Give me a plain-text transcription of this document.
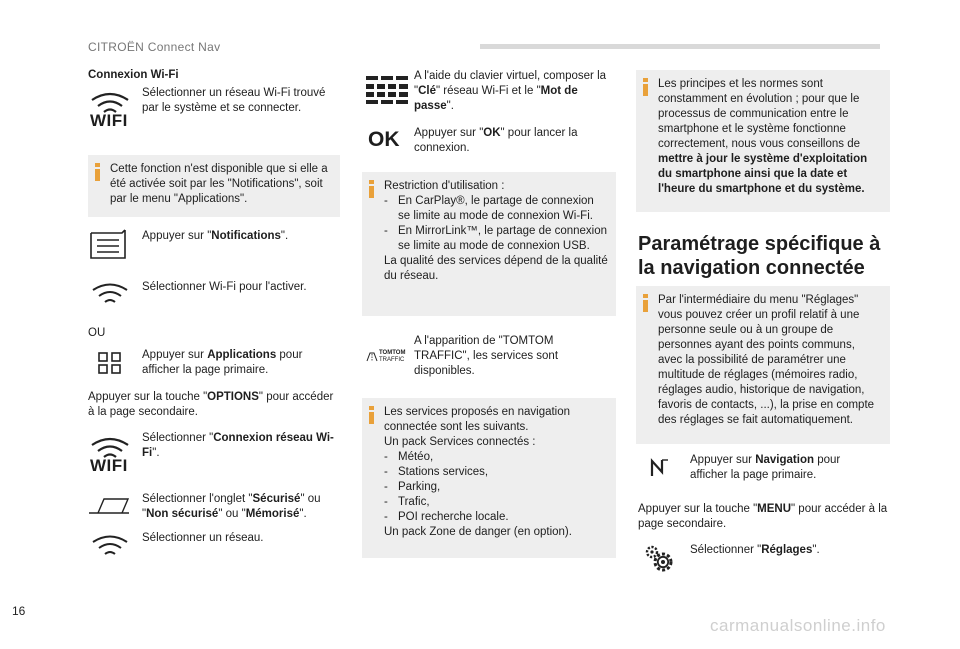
CITROËN Connect Nav
Connexion Wi-Fi
WIFI
Sélectionner un réseau Wi-Fi trouvé par le système et se connecter.
Cette fonction n'est disponible que si elle a été activée soit par les "Notifications", soit par le menu "Applications".
Appuyer sur "Notifications".
Sélectionner Wi-Fi pour l'activer.
OU
Appuyer sur Applications pour afficher la page primaire.
Appuyer sur la touche "OPTIONS" pour accéder à la page secondaire.
WIFI
Sélectionner "Connexion réseau Wi-Fi".
Sélectionner l'onglet "Sécurisé" ou "Non sécurisé" ou "Mémorisé".
Sélectionner un réseau.
A l'aide du clavier virtuel, composer la "Clé" réseau Wi-Fi et le "Mot de passe".
OK Appuyer sur "OK" pour lancer la connexion.
Restriction d'utilisation :
- En CarPlay®, le partage de connexion se limite au mode de connexion Wi-Fi.
- En MirrorLink™, le partage de connexion se limite au mode de connexion USB.
La qualité des services dépend de la qualité du réseau.
TOMTOM
TRAFFIC
A l'apparition de "TOMTOM TRAFFIC", les services sont disponibles.
Les services proposés en navigation connectée sont les suivants.
Un pack Services connectés :
- Météo,
- Stations services,
- Parking,
- Trafic,
- POI recherche locale.
Un pack Zone de danger (en option).
Les principes et les normes sont constamment en évolution ; pour que le processus de communication entre le smartphone et le système fonctionne correctement, nous vous conseillons de mettre à jour le système d'exploitation du smartphone ainsi que la date et l'heure du smartphone et du système.
Paramétrage spécifique à la navigation connectée
Par l'intermédiaire du menu "Réglages" vous pouvez créer un profil relatif à une personne seule ou à un groupe de personnes ayant des points communs, avec la possibilité de paramétrer une multitude de réglages (mémoires radio, réglages audio, historique de navigation, favoris de contacts, ...), la prise en compte des réglages se fait automatiquement.
Appuyer sur Navigation pour afficher la page primaire.
Appuyer sur la touche "MENU" pour accéder à la page secondaire.
Sélectionner "Réglages".
16
carmanualsonline.info
